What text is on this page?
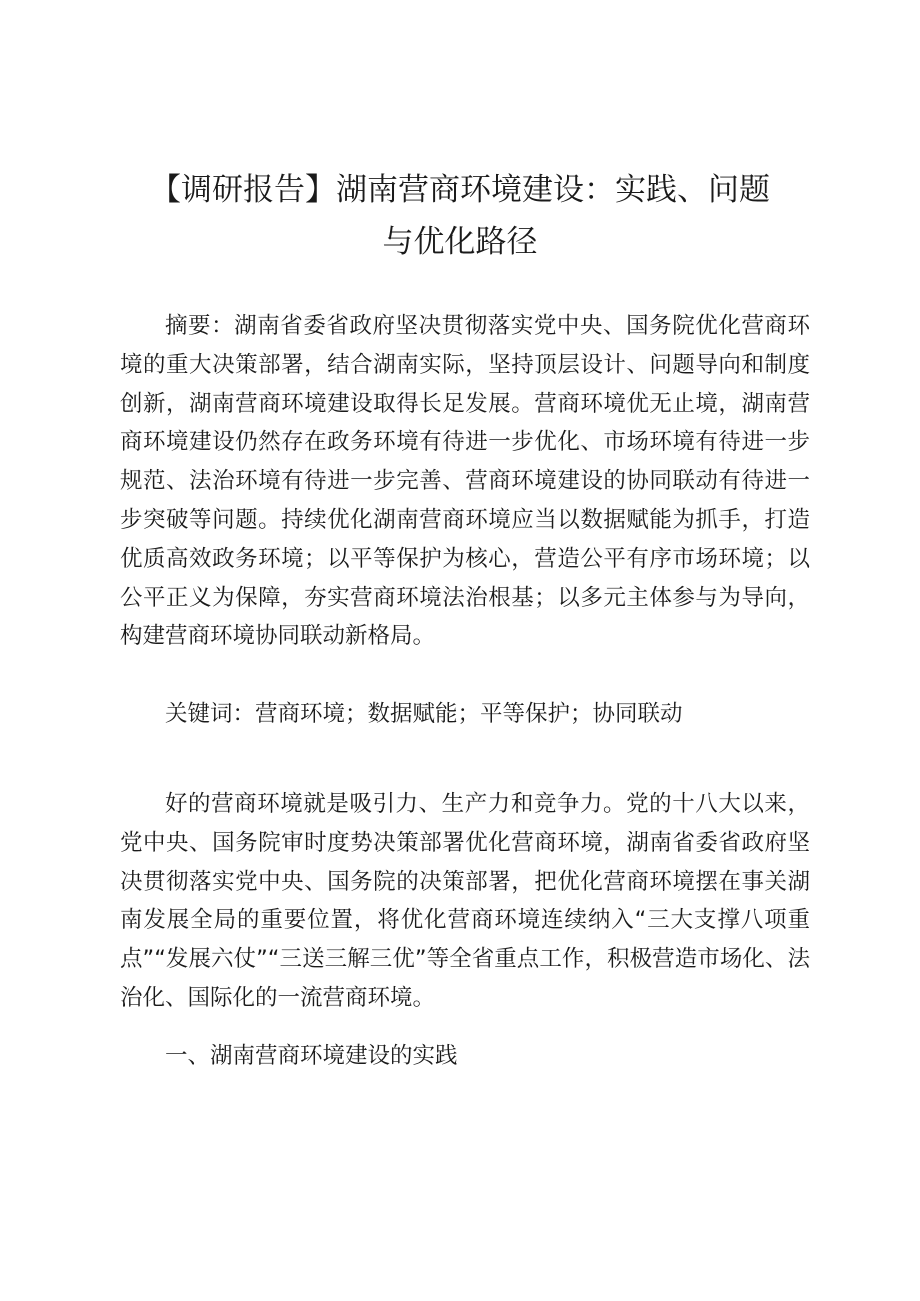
【调研报告】湖南营商环境建设：实践、问题
与优化路径

摘要：湖南省委省政府坚决贯彻落实党中央、国务院优化营商环境的重大决策部署，结合湖南实际，坚持顶层设计、问题导向和制度创新，湖南营商环境建设取得长足发展。营商环境优无止境，湖南营商环境建设仍然存在政务环境有待进一步优化、市场环境有待进一步规范、法治环境有待进一步完善、营商环境建设的协同联动有待进一步突破等问题。持续优化湖南营商环境应当以数据赋能为抓手，打造优质高效政务环境；以平等保护为核心，营造公平有序市场环境；以公平正义为保障，夯实营商环境法治根基；以多元主体参与为导向，构建营商环境协同联动新格局。

关键词：营商环境；数据赋能；平等保护；协同联动

好的营商环境就是吸引力、生产力和竞争力。党的十八大以来，党中央、国务院审时度势决策部署优化营商环境，湖南省委省政府坚决贯彻落实党中央、国务院的决策部署，把优化营商环境摆在事关湖南发展全局的重要位置，将优化营商环境连续纳入“三大支撑八项重点”“发展六仗”“三送三解三优”等全省重点工作，积极营造市场化、法治化、国际化的一流营商环境。

一、湖南营商环境建设的实践
